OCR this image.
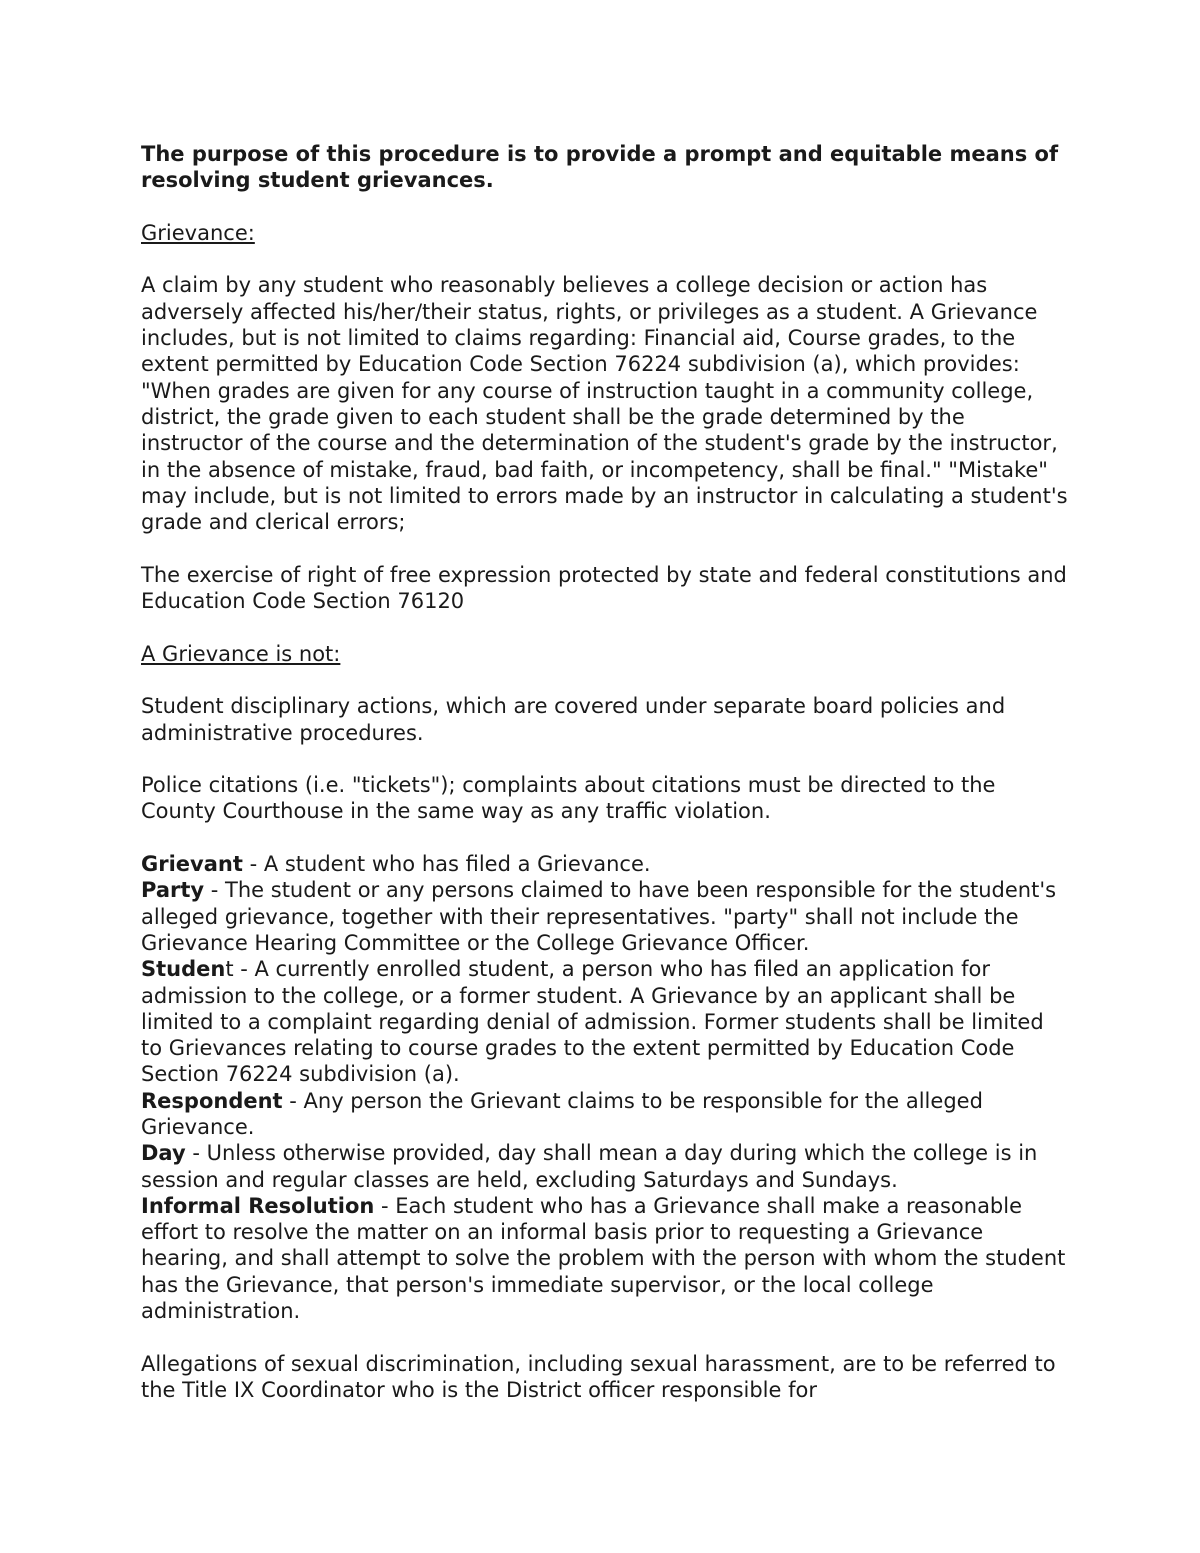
The purpose of this procedure is to provide a prompt and equitable means of resolving student grievances.

Grievance:

A claim by any student who reasonably believes a college decision or action has adversely affected his/her/their status, rights, or privileges as a student. A Grievance includes, but is not limited to claims regarding: Financial aid, Course grades, to the extent permitted by Education Code Section 76224 subdivision (a), which provides: "When grades are given for any course of instruction taught in a community college, district, the grade given to each student shall be the grade determined by the instructor of the course and the determination of the student's grade by the instructor, in the absence of mistake, fraud, bad faith, or incompetency, shall be final." "Mistake" may include, but is not limited to errors made by an instructor in calculating a student's grade and clerical errors;

The exercise of right of free expression protected by state and federal constitutions and Education Code Section 76120

A Grievance is not:

Student disciplinary actions, which are covered under separate board policies and administrative procedures.

Police citations (i.e. "tickets"); complaints about citations must be directed to the County Courthouse in the same way as any traffic violation.

Grievant - A student who has filed a Grievance.

Party - The student or any persons claimed to have been responsible for the student's alleged grievance, together with their representatives. "party" shall not include the Grievance Hearing Committee or the College Grievance Officer.

Student - A currently enrolled student, a person who has filed an application for admission to the college, or a former student. A Grievance by an applicant shall be limited to a complaint regarding denial of admission. Former students shall be limited to Grievances relating to course grades to the extent permitted by Education Code Section 76224 subdivision (a).

Respondent - Any person the Grievant claims to be responsible for the alleged Grievance.

Day - Unless otherwise provided, day shall mean a day during which the college is in session and regular classes are held, excluding Saturdays and Sundays.

Informal Resolution - Each student who has a Grievance shall make a reasonable effort to resolve the matter on an informal basis prior to requesting a Grievance hearing, and shall attempt to solve the problem with the person with whom the student has the Grievance, that person's immediate supervisor, or the local college administration.

Allegations of sexual discrimination, including sexual harassment, are to be referred to the Title IX Coordinator who is the District officer responsible for
